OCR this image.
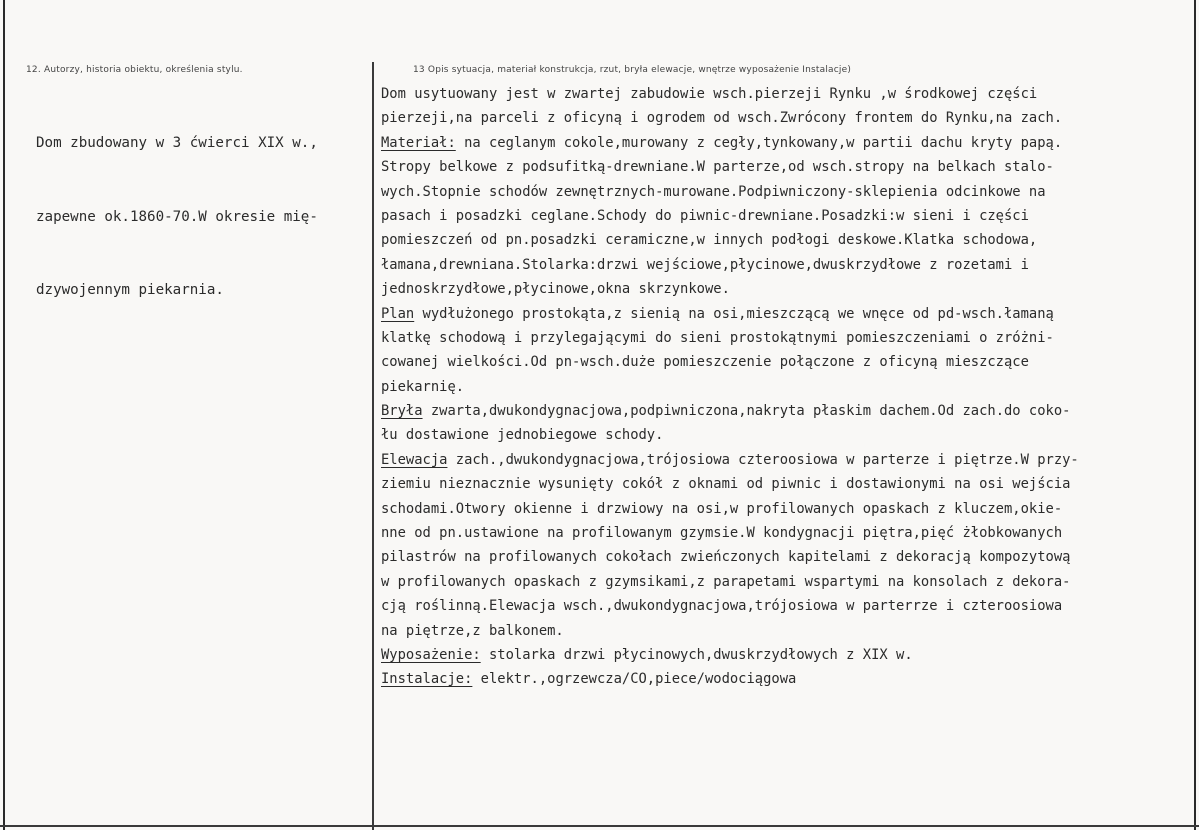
12. Autorzy, historia obiektu, określenia stylu.	13 Opis sytuacja, materiał konstrukcja, rzut, bryła elewacje, wnętrze wyposażenie Instalacje)

Dom zbudowany w 3 ćwierci XIX w.,

zapewne ok.1860-70.W okresie mię-

dzywojennym piekarnia.

Dom usytuowany jest w zwartej zabudowie wsch.pierzeji Rynku ,w środkowej części
pierzeji,na parceli z oficyną i ogrodem od wsch.Zwrócony frontem do Rynku,na zach.
Materiał: na ceglanym cokole,murowany z cegły,tynkowany,w partii dachu kryty papą.
Stropy belkowe z podsufitką-drewniane.W parterze,od wsch.stropy na belkach stalo-
wych.Stopnie schodów zewnętrznych-murowane.Podpiwniczony-sklepienia odcinkowe na
pasach i posadzki ceglane.Schody do piwnic-drewniane.Posadzki:w sieni i części
pomieszczeń od pn.posadzki ceramiczne,w innych podłogi deskowe.Klatka schodowa,
łamana,drewniana.Stolarka:drzwi wejściowe,płycinowe,dwuskrzydłowe z rozetami i
jednoskrzydłowe,płycinowe,okna skrzynkowe.
Plan wydłużonego prostokąta,z sienią na osi,mieszczącą we wnęce od pd-wsch.łamaną
klatkę schodową i przylegającymi do sieni prostokątnymi pomieszczeniami o zróżni-
cowanej wielkości.Od pn-wsch.duże pomieszczenie połączone z oficyną mieszczące
piekarnię.
Bryła zwarta,dwukondygnacjowa,podpiwniczona,nakryta płaskim dachem.Od zach.do coko-
łu dostawione jednobiegowe schody.
Elewacja zach.,dwukondygnacjowa,trójosiowa czteroosiowa w parterze i piętrze.W przy-
ziemiu nieznacznie wysunięty cokół z oknami od piwnic i dostawionymi na osi wejścia
schodami.Otwory okienne i drzwiowy na osi,w profilowanych opaskach z kluczem,okie-
nne od pn.ustawione na profilowanym gzymsie.W kondygnacji piętra,pięć żłobkowanych
pilastrów na profilowanych cokołach zwieńczonych kapitelami z dekoracją kompozytową
w profilowanych opaskach z gzymsikami,z parapetami wspartymi na konsolach z dekora-
cją roślinną.Elewacja wsch.,dwukondygnacjowa,trójosiowa w parterrze i czteroosiowa
na piętrze,z balkonem.
Wyposażenie: stolarka drzwi płycinowych,dwuskrzydłowych z XIX w.
Instalacje: elektr.,ogrzewcza/CO,piece/wodociągowa
